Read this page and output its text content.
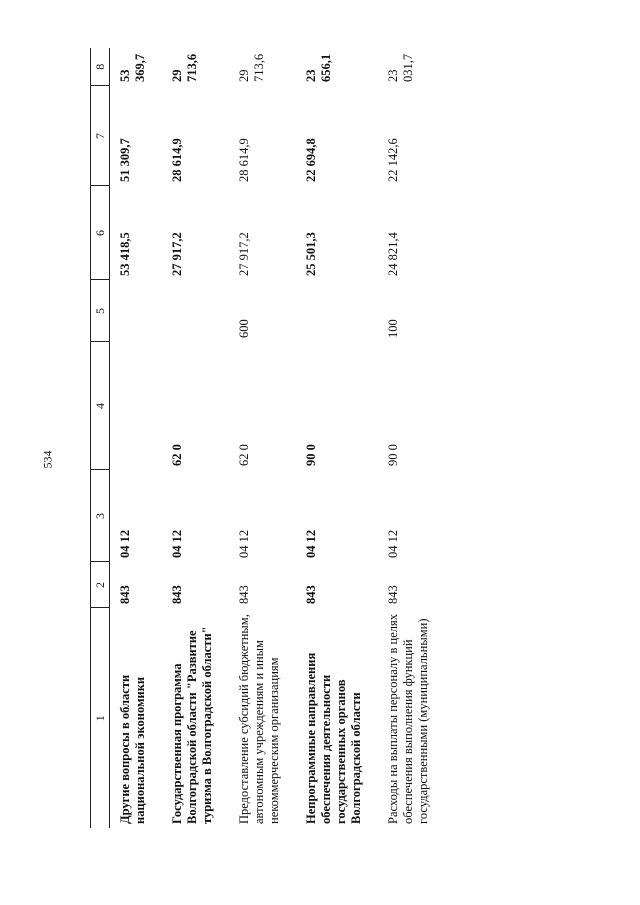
534
1	2	3	4	5	6	7	8
Другие вопросы в области национальной экономики	843	04 12			53 418,5	51 309,7	53 369,7
Государственная программа Волгоградской области "Развитие туризма в Волгоградской области"	843	04 12	62 0		27 917,2	28 614,9	29 713,6
Предоставление субсидий бюджетным, автономным учреждениям и иным некоммерческим организациям	843	04 12	62 0	600	27 917,2	28 614,9	29 713,6
Непрограммные направления обеспечения деятельности государственных органов Волгоградской области	843	04 12	90 0		25 501,3	22 694,8	23 656,1
Расходы на выплаты персоналу в целях обеспечения выполнения функций государственными (муниципальными)	843	04 12	90 0	100	24 821,4	22 142,6	23 031,7
